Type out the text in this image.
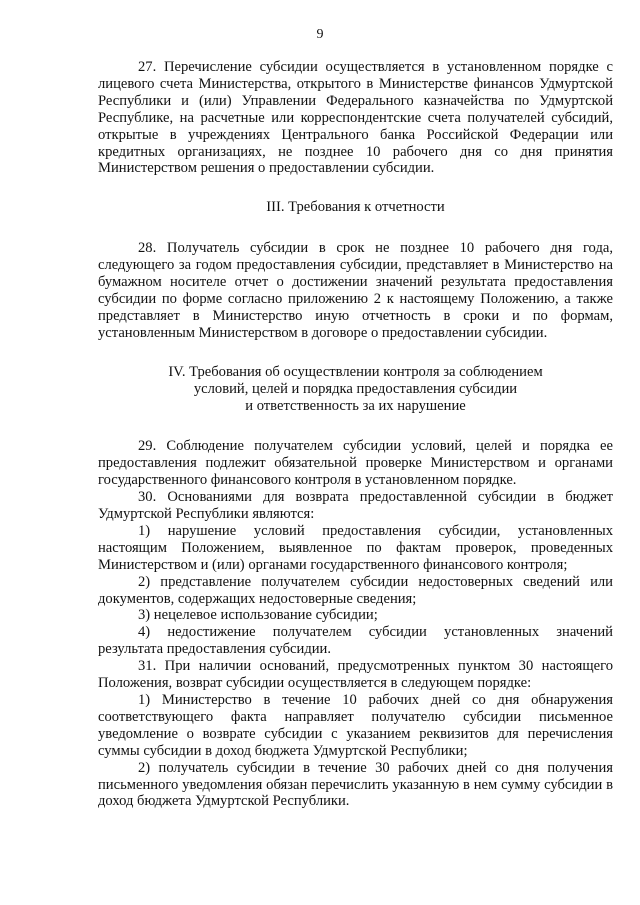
9

27. Перечисление субсидии осуществляется в установленном порядке с лицевого счета Министерства, открытого в Министерстве финансов Удмуртской Республики и (или) Управлении Федерального казначейства по Удмуртской Республике, на расчетные или корреспондентские счета получателей субсидий, открытые в учреждениях Центрального банка Российской Федерации или кредитных организациях, не позднее 10 рабочего дня со дня принятия Министерством решения о предоставлении субсидии.

III. Требования к отчетности

28. Получатель субсидии в срок не позднее 10 рабочего дня года, следующего за годом предоставления субсидии, представляет в Министерство на бумажном носителе отчет о достижении значений результата предоставления субсидии по форме согласно приложению 2 к настоящему Положению, а также представляет в Министерство иную отчетность в сроки и по формам, установленным Министерством в договоре о предоставлении субсидии.

IV. Требования об осуществлении контроля за соблюдением

условий, целей и порядка предоставления субсидии

и ответственность за их нарушение

29. Соблюдение получателем субсидии условий, целей и порядка ее предоставления подлежит обязательной проверке Министерством и органами государственного финансового контроля в установленном порядке.

30. Основаниями для возврата предоставленной субсидии в бюджет Удмуртской Республики являются:

1) нарушение условий предоставления субсидии, установленных настоящим Положением, выявленное по фактам проверок, проведенных Министерством и (или) органами государственного финансового контроля;

2) представление получателем субсидии недостоверных сведений или документов, содержащих недостоверные сведения;

3) нецелевое использование субсидии;

4) недостижение получателем субсидии установленных значений результата предоставления субсидии.

31. При наличии оснований, предусмотренных пунктом 30 настоящего Положения, возврат субсидии осуществляется в следующем порядке:

1) Министерство в течение 10 рабочих дней со дня обнаружения соответствующего факта направляет получателю субсидии письменное уведомление о возврате субсидии с указанием реквизитов для перечисления суммы субсидии в доход бюджета Удмуртской Республики;

2) получатель субсидии в течение 30 рабочих дней со дня получения письменного уведомления обязан перечислить указанную в нем сумму субсидии в доход бюджета Удмуртской Республики.
